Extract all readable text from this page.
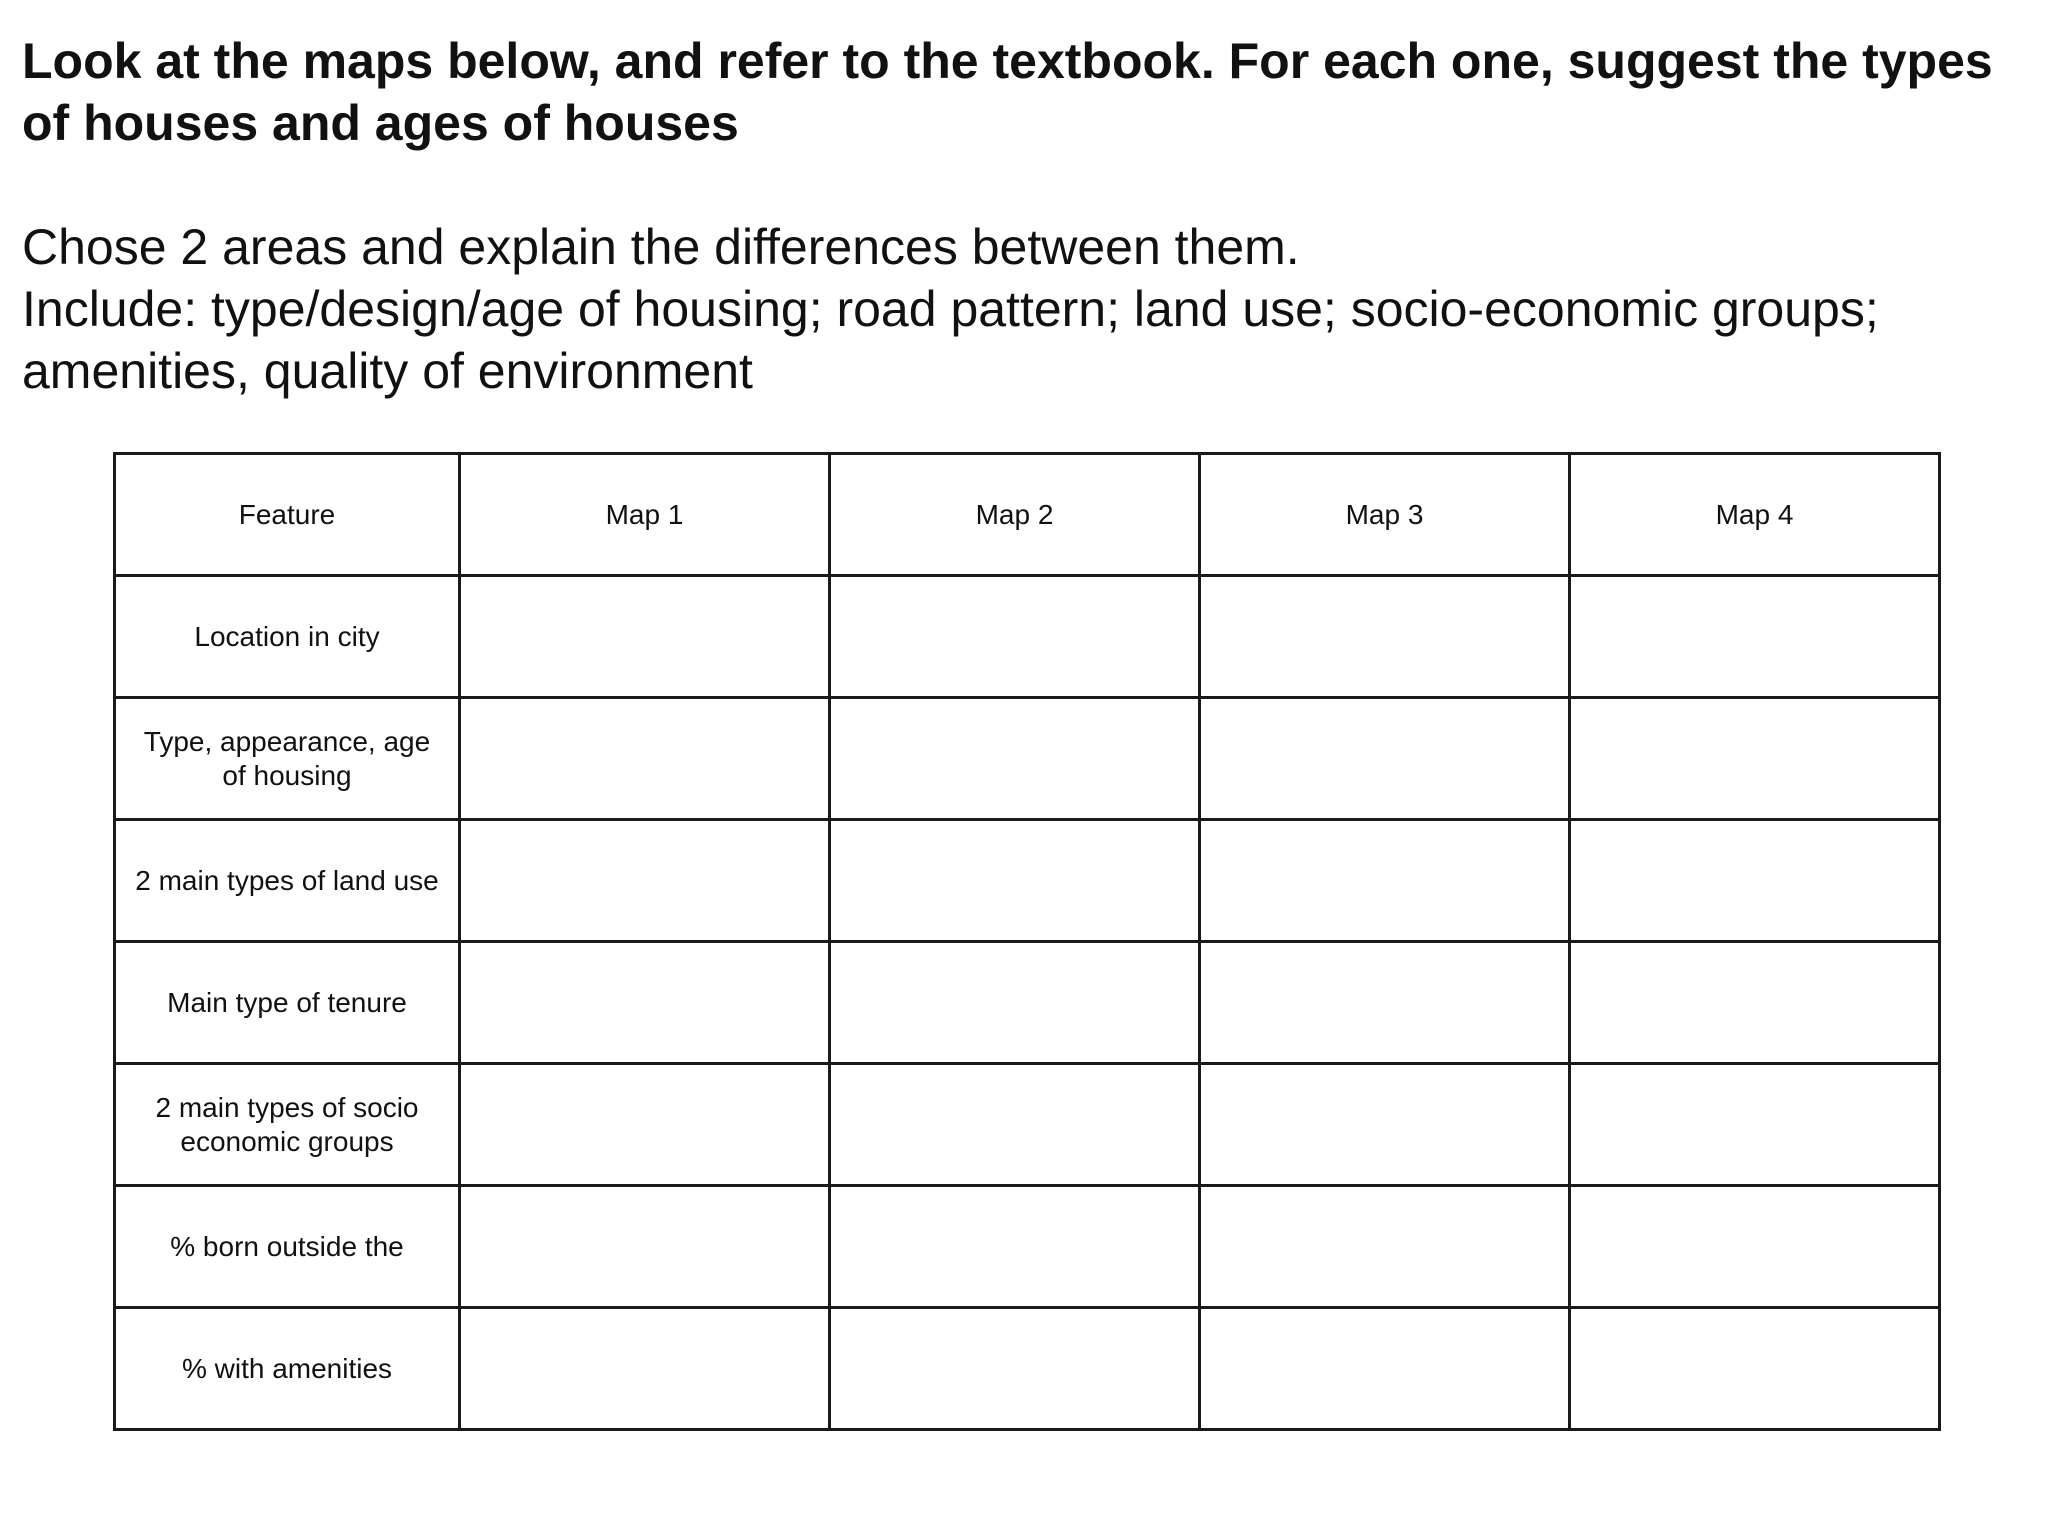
Look at the maps below, and refer to the textbook. For each one, suggest the types of houses and ages of houses

Chose 2 areas and explain the differences between them.
Include: type/design/age of housing; road pattern; land use; socio-economic groups; amenities, quality of environment

Feature	Map 1	Map 2	Map 3	Map 4
Location in city				
Type, appearance, age of housing				
2 main types of land use				
Main type of tenure				
2 main types of socio economic groups				
% born outside the				
% with amenities				
